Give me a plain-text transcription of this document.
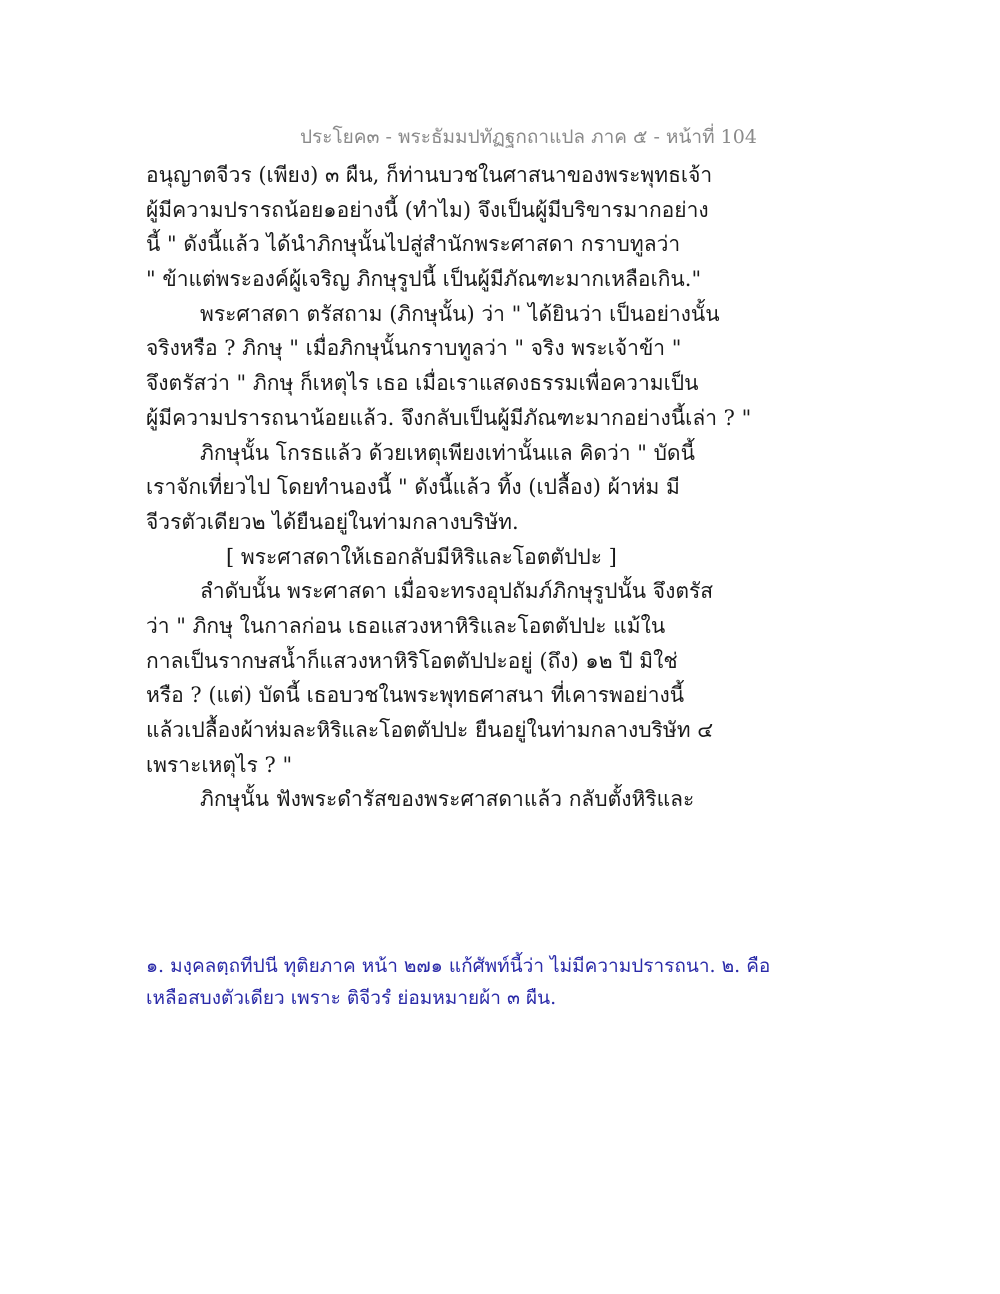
ประโยค๓ - พระธัมมปทัฏฐกถาแปล ภาค ๕ - หน้าที่ 104
อนุญาตจีวร (เพียง) ๓ ผืน, ก็ท่านบวชในศาสนาของพระพุทธเจ้า
ผู้มีความปรารถน้อย๑อย่างนี้ (ทำไม) จึงเป็นผู้มีบริขารมากอย่าง
นี้ " ดังนี้แล้ว ได้นำภิกษุนั้นไปสู่สำนักพระศาสดา กราบทูลว่า
" ข้าแต่พระองค์ผู้เจริญ ภิกษุรูปนี้ เป็นผู้มีภัณฑะมากเหลือเกิน."
พระศาสดา ตรัสถาม (ภิกษุนั้น) ว่า " ได้ยินว่า เป็นอย่างนั้น
จริงหรือ ? ภิกษุ " เมื่อภิกษุนั้นกราบทูลว่า " จริง พระเจ้าข้า "
จึงตรัสว่า " ภิกษุ ก็เหตุไร เธอ เมื่อเราแสดงธรรมเพื่อความเป็น
ผู้มีความปรารถนาน้อยแล้ว. จึงกลับเป็นผู้มีภัณฑะมากอย่างนี้เล่า ? "
ภิกษุนั้น โกรธแล้ว ด้วยเหตุเพียงเท่านั้นแล คิดว่า " บัดนี้
เราจักเที่ยวไป โดยทำนองนี้ " ดังนี้แล้ว ทิ้ง (เปลื้อง) ผ้าห่ม มี
จีวรตัวเดียว๒ ได้ยืนอยู่ในท่ามกลางบริษัท.
[ พระศาสดาให้เธอกลับมีหิริและโอตตัปปะ ]
ลำดับนั้น พระศาสดา เมื่อจะทรงอุปถัมภ์ภิกษุรูปนั้น จึงตรัส
ว่า " ภิกษุ ในกาลก่อน เธอแสวงหาหิริและโอตตัปปะ แม้ใน
กาลเป็นรากษสน้ำก็แสวงหาหิริโอตตัปปะอยู่ (ถึง) ๑๒ ปี มิใช่
หรือ ? (แต่) บัดนี้ เธอบวชในพระพุทธศาสนา ที่เคารพอย่างนี้
แล้วเปลื้องผ้าห่มละหิริและโอตตัปปะ ยืนอยู่ในท่ามกลางบริษัท ๔
เพราะเหตุไร ? "
ภิกษุนั้น ฟังพระดำรัสของพระศาสดาแล้ว กลับตั้งหิริและ
๑. มงฺคลตฺถทีปนี ทุติยภาค หน้า ๒๗๑ แก้ศัพท์นี้ว่า ไม่มีความปรารถนา. ๒. คือ
เหลือสบงตัวเดียว เพราะ ติจีวรํ ย่อมหมายผ้า ๓ ผืน.
